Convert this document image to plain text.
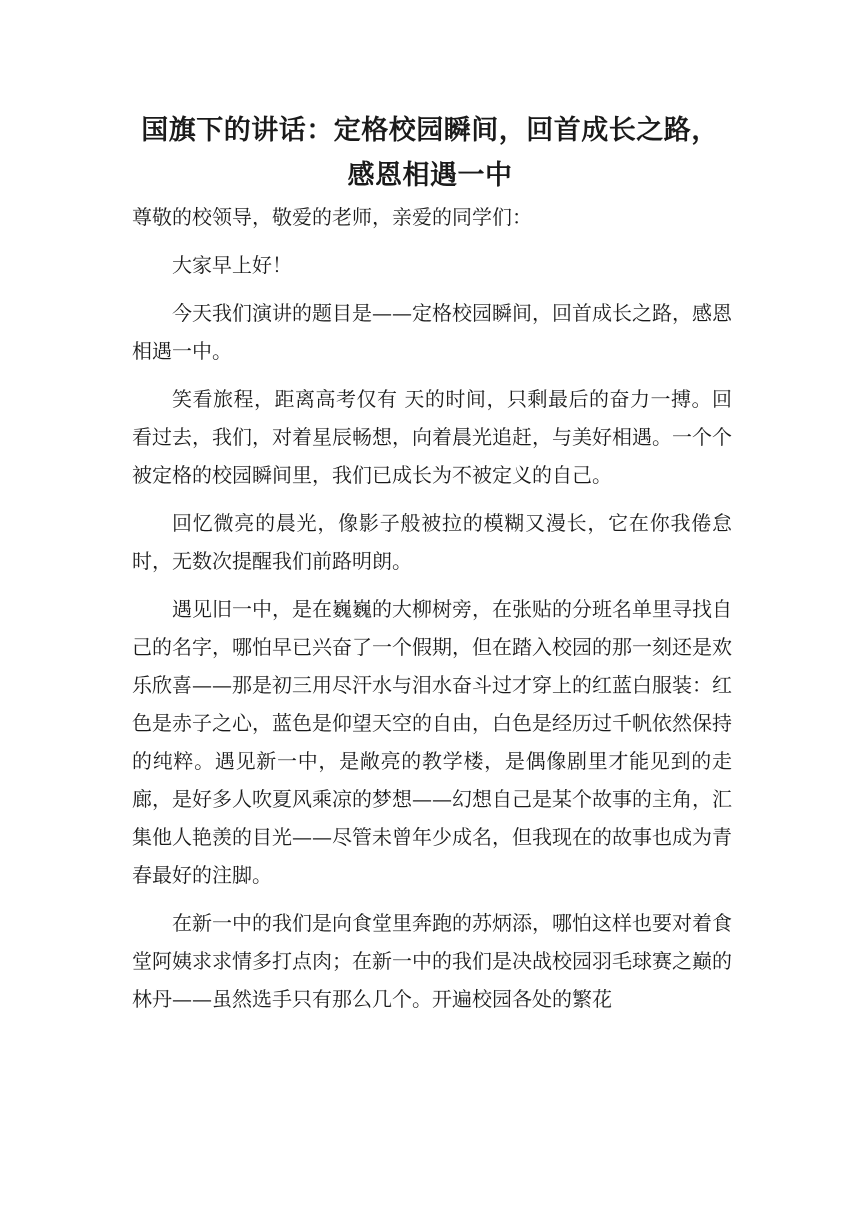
国旗下的讲话：定格校园瞬间，回首成长之路，感恩相遇一中

尊敬的校领导，敬爱的老师，亲爱的同学们：

大家早上好！

今天我们演讲的题目是——定格校园瞬间，回首成长之路，感恩相遇一中。

笑看旅程，距离高考仅有 天的时间，只剩最后的奋力一搏。回看过去，我们，对着星辰畅想，向着晨光追赶，与美好相遇。一个个被定格的校园瞬间里，我们已成长为不被定义的自己。

回忆微亮的晨光，像影子般被拉的模糊又漫长，它在你我倦怠时，无数次提醒我们前路明朗。

遇见旧一中，是在巍巍的大柳树旁，在张贴的分班名单里寻找自己的名字，哪怕早已兴奋了一个假期，但在踏入校园的那一刻还是欢乐欣喜——那是初三用尽汗水与泪水奋斗过才穿上的红蓝白服装：红色是赤子之心，蓝色是仰望天空的自由，白色是经历过千帆依然保持的纯粹。遇见新一中，是敞亮的教学楼，是偶像剧里才能见到的走廊，是好多人吹夏风乘凉的梦想——幻想自己是某个故事的主角，汇集他人艳羡的目光——尽管未曾年少成名，但我现在的故事也成为青春最好的注脚。

在新一中的我们是向食堂里奔跑的苏炳添，哪怕这样也要对着食堂阿姨求求情多打点肉；在新一中的我们是决战校园羽毛球赛之巅的林丹——虽然选手只有那么几个。开遍校园各处的繁花
